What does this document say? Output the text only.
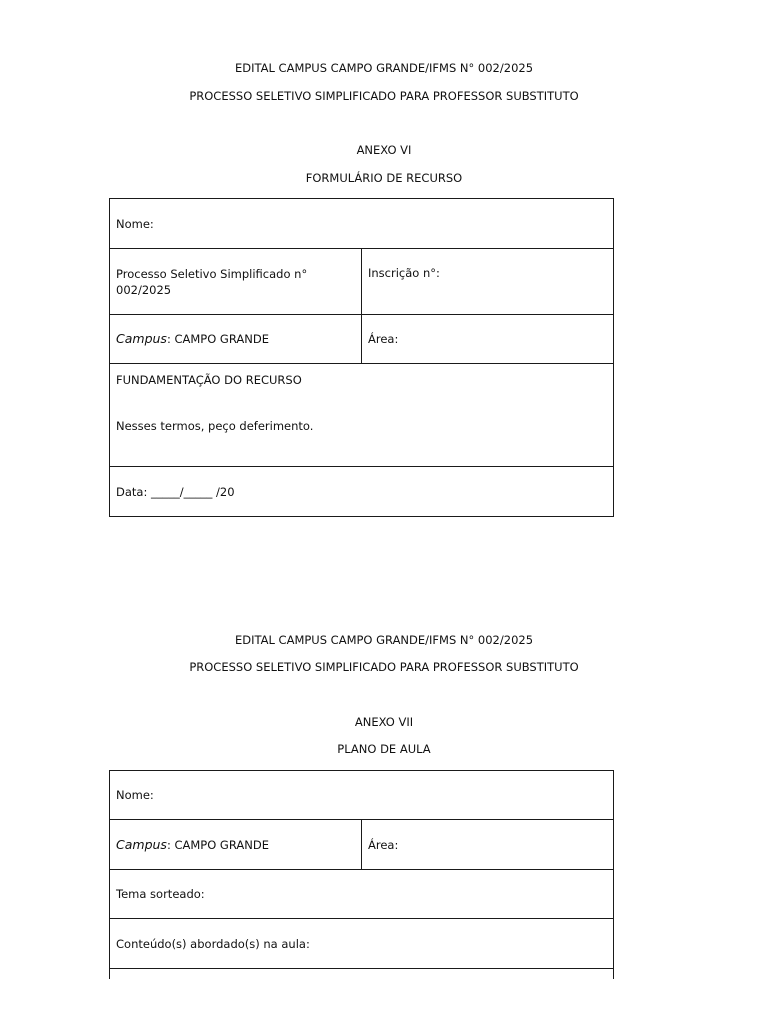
EDITAL CAMPUS CAMPO GRANDE/IFMS N° 002/2025
PROCESSO SELETIVO SIMPLIFICADO PARA PROFESSOR SUBSTITUTO
ANEXO VI
FORMULÁRIO DE RECURSO
Nome:	
Processo Seletivo Simplificado n°
002/2025	Inscrição n°:
Campus: CAMPO GRANDE	Área:

FUNDAMENTAÇÃO DO RECURSO
Nesses termos, peço deferimento.	

Data: _____/_____ /20	
EDITAL CAMPUS CAMPO GRANDE/IFMS N° 002/2025
PROCESSO SELETIVO SIMPLIFICADO PARA PROFESSOR SUBSTITUTO
ANEXO VII
PLANO DE AULA
Nome:
Campus: CAMPO GRANDE	Área:
Tema sorteado:
Conteúdo(s) abordado(s) na aula:
